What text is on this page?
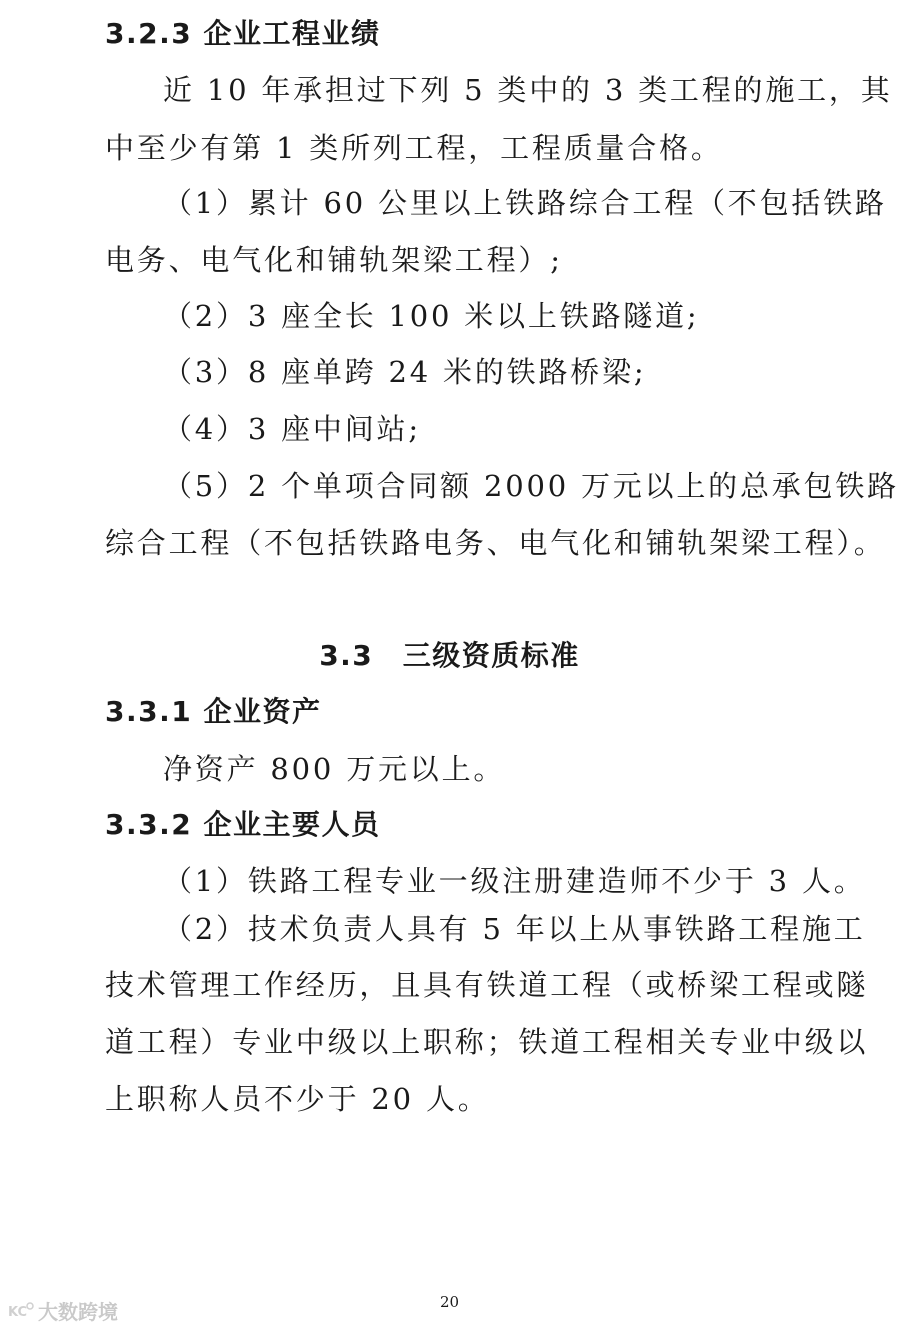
3.2.3 企业工程业绩
近 10 年承担过下列 5 类中的 3 类工程的施工，其
中至少有第 1 类所列工程，工程质量合格。
（1）累计 60 公里以上铁路综合工程（不包括铁路
电务、电气化和铺轨架梁工程）;
（2）3 座全长 100 米以上铁路隧道;
（3）8 座单跨 24 米的铁路桥梁;
（4）3 座中间站;
（5）2 个单项合同额 2000 万元以上的总承包铁路
综合工程（不包括铁路电务、电气化和铺轨架梁工程）。
3.3　三级资质标准
3.3.1 企业资产
净资产 800 万元以上。
3.3.2 企业主要人员
（1）铁路工程专业一级注册建造师不少于 3 人。
（2）技术负责人具有 5 年以上从事铁路工程施工
技术管理工作经历，且具有铁道工程（或桥梁工程或隧
道工程）专业中级以上职称；铁道工程相关专业中级以
上职称人员不少于 20 人。
20
KC 大数跨境
